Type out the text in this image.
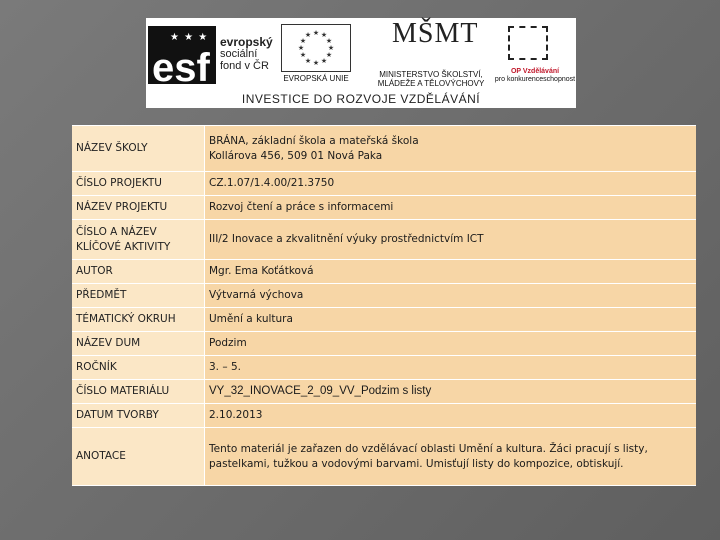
★ ★ ★
esf
evropský
sociální
fond v ČR
★ ★
★
★
★
★
★
★
★
★
★
★
EVROPSKÁ UNIE
MŠMT
MINISTERSTVO ŠKOLSTVÍ,
MLÁDEŽE A TĚLOVÝCHOVY
OP Vzdělávání
pro konkurenceschopnost
INVESTICE DO ROZVOJE VZDĚLÁVÁNÍ
NÁZEV ŠKOLY	BRÁNA, základní škola a mateřská škola
Kollárova 456, 509 01 Nová Paka

ČÍSLO PROJEKTU	CZ.1.07/1.4.00/21.3750
NÁZEV PROJEKTU	Rozvoj čtení a práce s informacemi

ČÍSLO A NÁZEV
KLÍČOVÉ AKTIVITY	III/2 Inovace a zkvalitnění výuky prostřednictvím ICT
AUTOR	Mgr. Ema Koťátková
PŘEDMĚT	Výtvarná výchova
TÉMATICKÝ OKRUH	Umění a kultura
NÁZEV DUM	Podzim
ROČNÍK	3. – 5.
ČÍSLO MATERIÁLU	VY_32_INOVACE_2_09_VV_Podzim s listy
DATUM TVORBY	2.10.2013
ANOTACE	Tento materiál je zařazen do vzdělávací oblasti Umění a kultura. Žáci pracují s listy, pastelkami, tužkou a vodovými barvami. Umisťují listy do kompozice, obtiskují.
